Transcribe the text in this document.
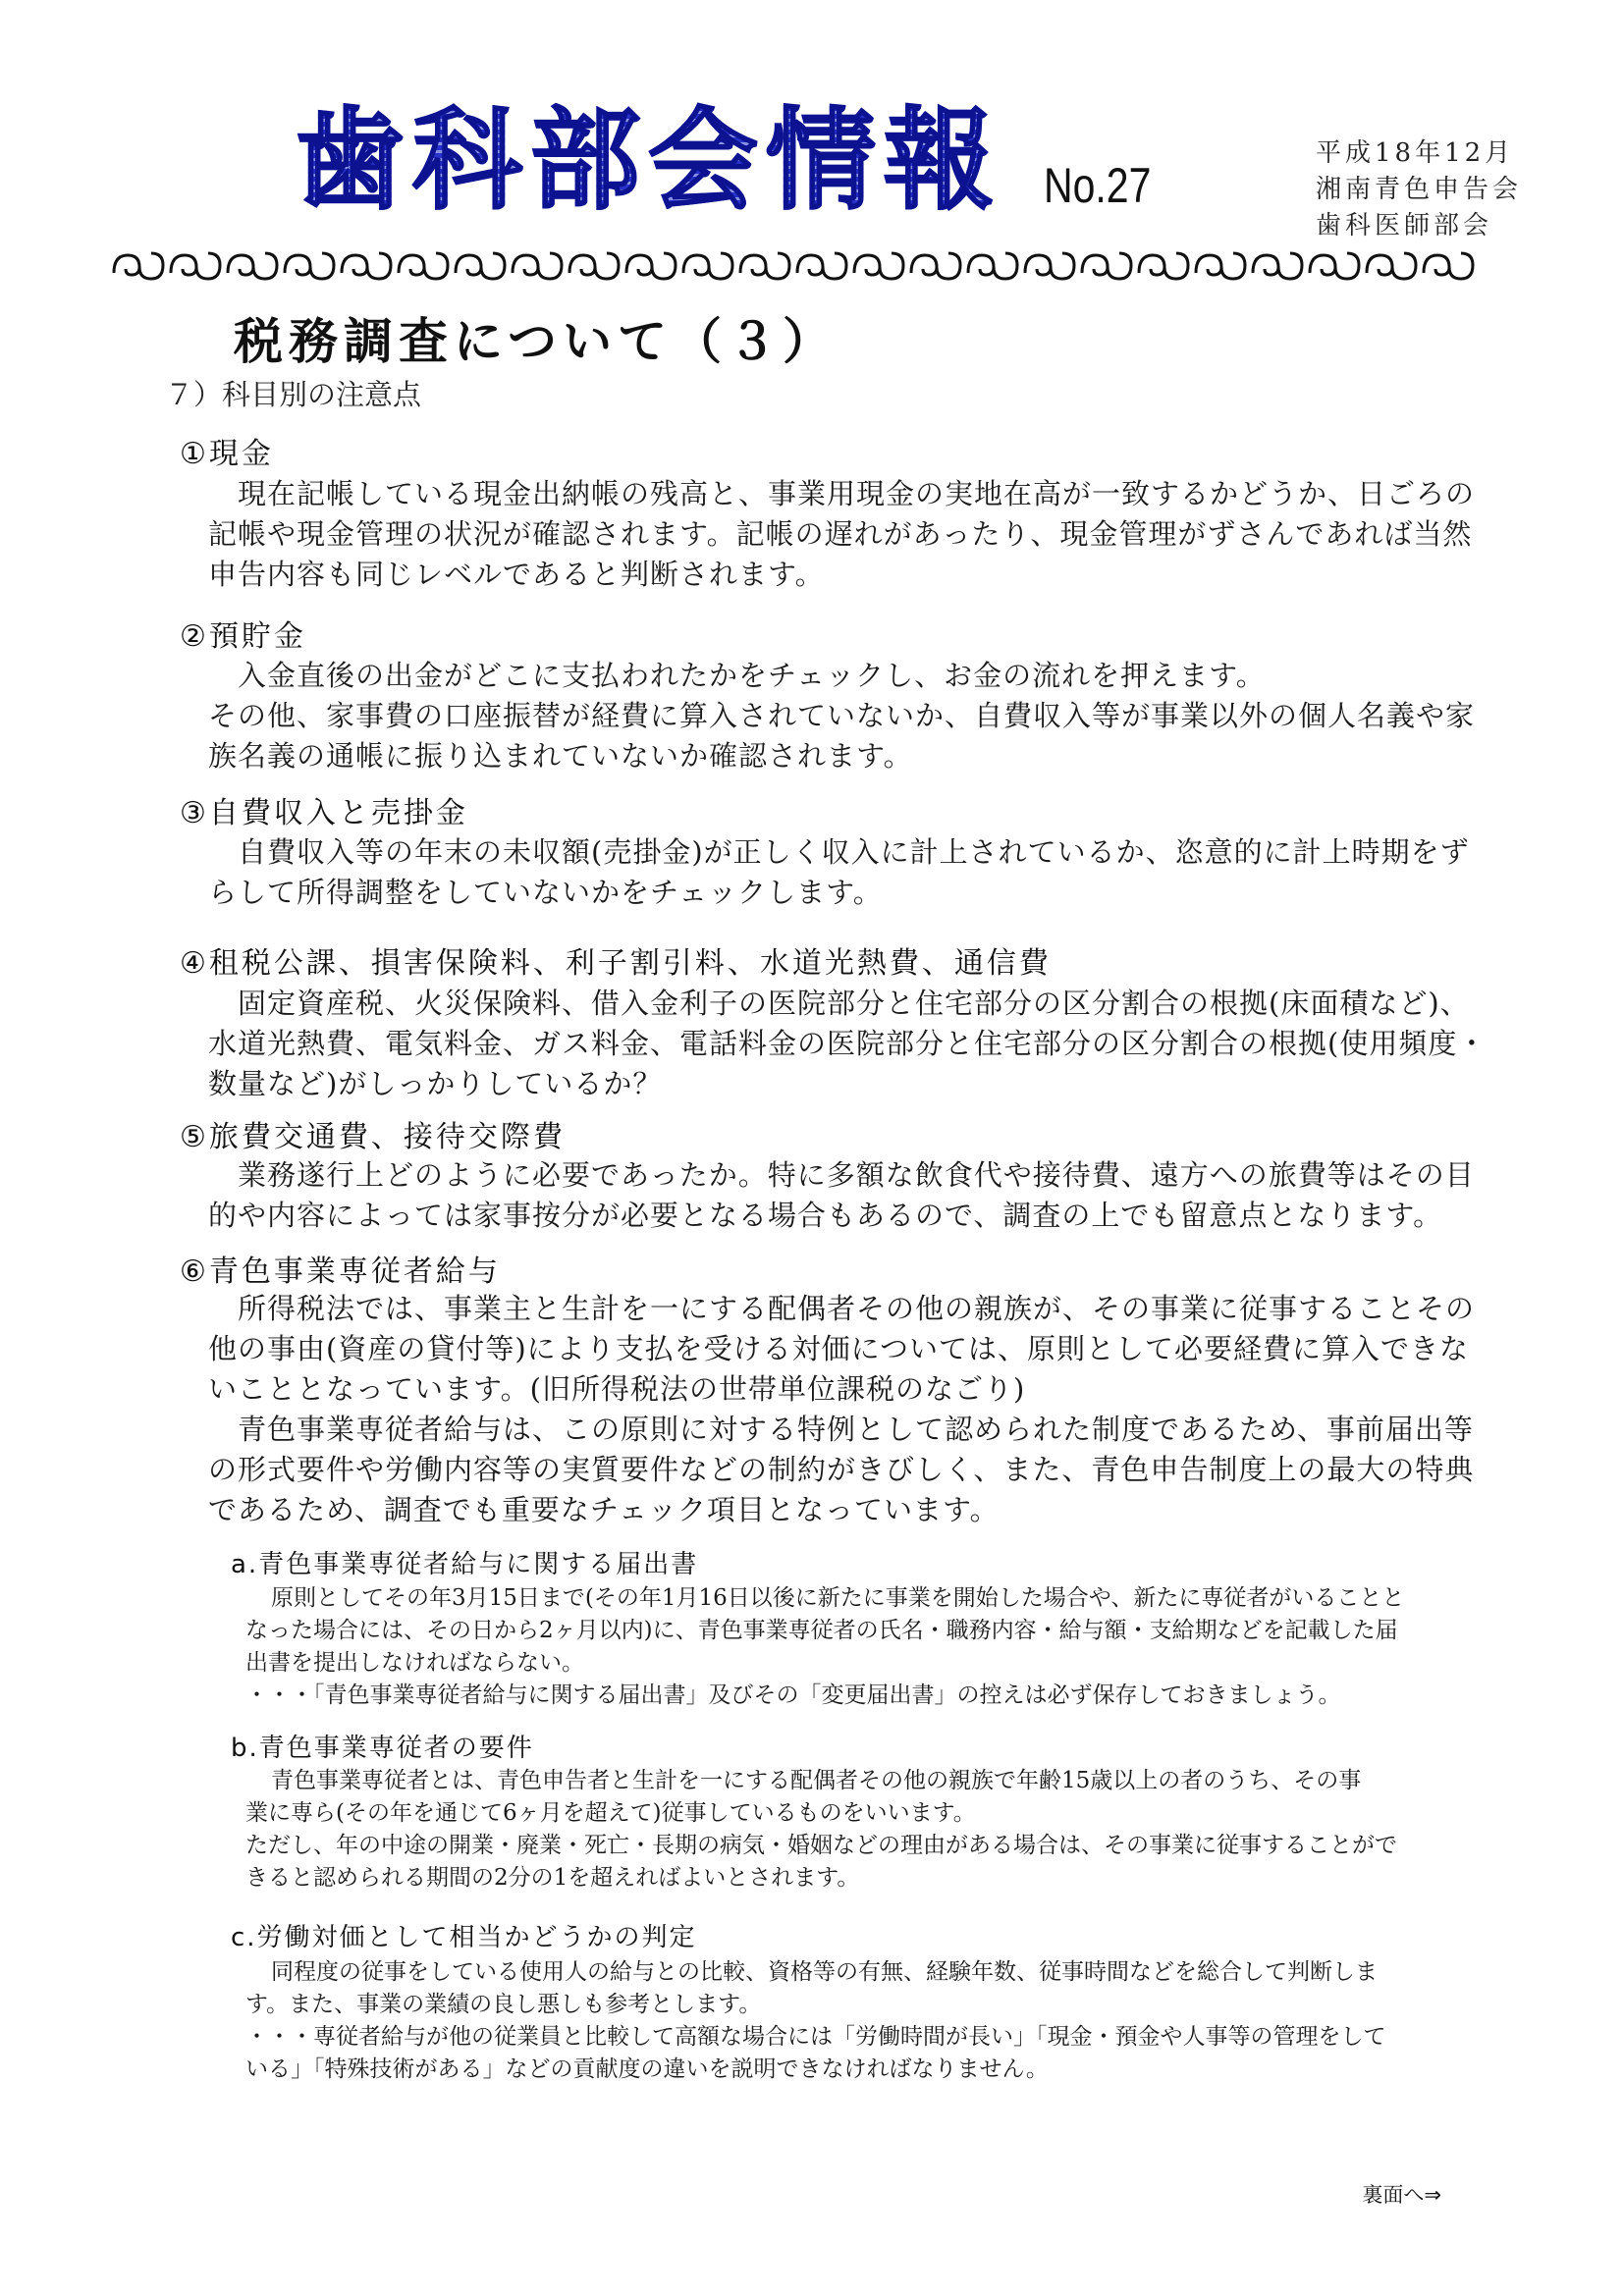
歯科部会情報 No.27
平成18年12月
湘南青色申告会
歯科医師部会
税務調査について（３）
７）科目別の注意点
①現金
現在記帳している現金出納帳の残高と、事業用現金の実地在高が一致するかどうか、日ごろの
記帳や現金管理の状況が確認されます。記帳の遅れがあったり、現金管理がずさんであれば当然
申告内容も同じレベルであると判断されます。
②預貯金
入金直後の出金がどこに支払われたかをチェックし、お金の流れを押えます。
その他、家事費の口座振替が経費に算入されていないか、自費収入等が事業以外の個人名義や家
族名義の通帳に振り込まれていないか確認されます。
③自費収入と売掛金
自費収入等の年末の未収額(売掛金)が正しく収入に計上されているか、恣意的に計上時期をず
らして所得調整をしていないかをチェックします。
④租税公課、損害保険料、利子割引料、水道光熱費、通信費
固定資産税、火災保険料、借入金利子の医院部分と住宅部分の区分割合の根拠(床面積など)、
水道光熱費、電気料金、ガス料金、電話料金の医院部分と住宅部分の区分割合の根拠(使用頻度・
数量など)がしっかりしているか？
⑤旅費交通費、接待交際費
業務遂行上どのように必要であったか。特に多額な飲食代や接待費、遠方への旅費等はその目
的や内容によっては家事按分が必要となる場合もあるので、調査の上でも留意点となります。
⑥青色事業専従者給与
所得税法では、事業主と生計を一にする配偶者その他の親族が、その事業に従事することその
他の事由(資産の貸付等)により支払を受ける対価については、原則として必要経費に算入できな
いこととなっています。(旧所得税法の世帯単位課税のなごり)
青色事業専従者給与は、この原則に対する特例として認められた制度であるため、事前届出等
の形式要件や労働内容等の実質要件などの制約がきびしく、また、青色申告制度上の最大の特典
であるため、調査でも重要なチェック項目となっています。
a.青色事業専従者給与に関する届出書
原則としてその年3月15日まで(その年1月16日以後に新たに事業を開始した場合や、新たに専従者がいることと
なった場合には、その日から2ヶ月以内)に、青色事業専従者の氏名・職務内容・給与額・支給期などを記載した届
出書を提出しなければならない。
・・・「青色事業専従者給与に関する届出書」及びその「変更届出書」の控えは必ず保存しておきましょう。
b.青色事業専従者の要件
青色事業専従者とは、青色申告者と生計を一にする配偶者その他の親族で年齢15歳以上の者のうち、その事
業に専ら(その年を通じて6ヶ月を超えて)従事しているものをいいます。
ただし、年の中途の開業・廃業・死亡・長期の病気・婚姻などの理由がある場合は、その事業に従事することがで
きると認められる期間の2分の1を超えればよいとされます。
c.労働対価として相当かどうかの判定
同程度の従事をしている使用人の給与との比較、資格等の有無、経験年数、従事時間などを総合して判断しま
す。また、事業の業績の良し悪しも参考とします。
・・・専従者給与が他の従業員と比較して高額な場合には「労働時間が長い」「現金・預金や人事等の管理をして
いる」「特殊技術がある」などの貢献度の違いを説明できなければなりません。
裏面へ⇒
